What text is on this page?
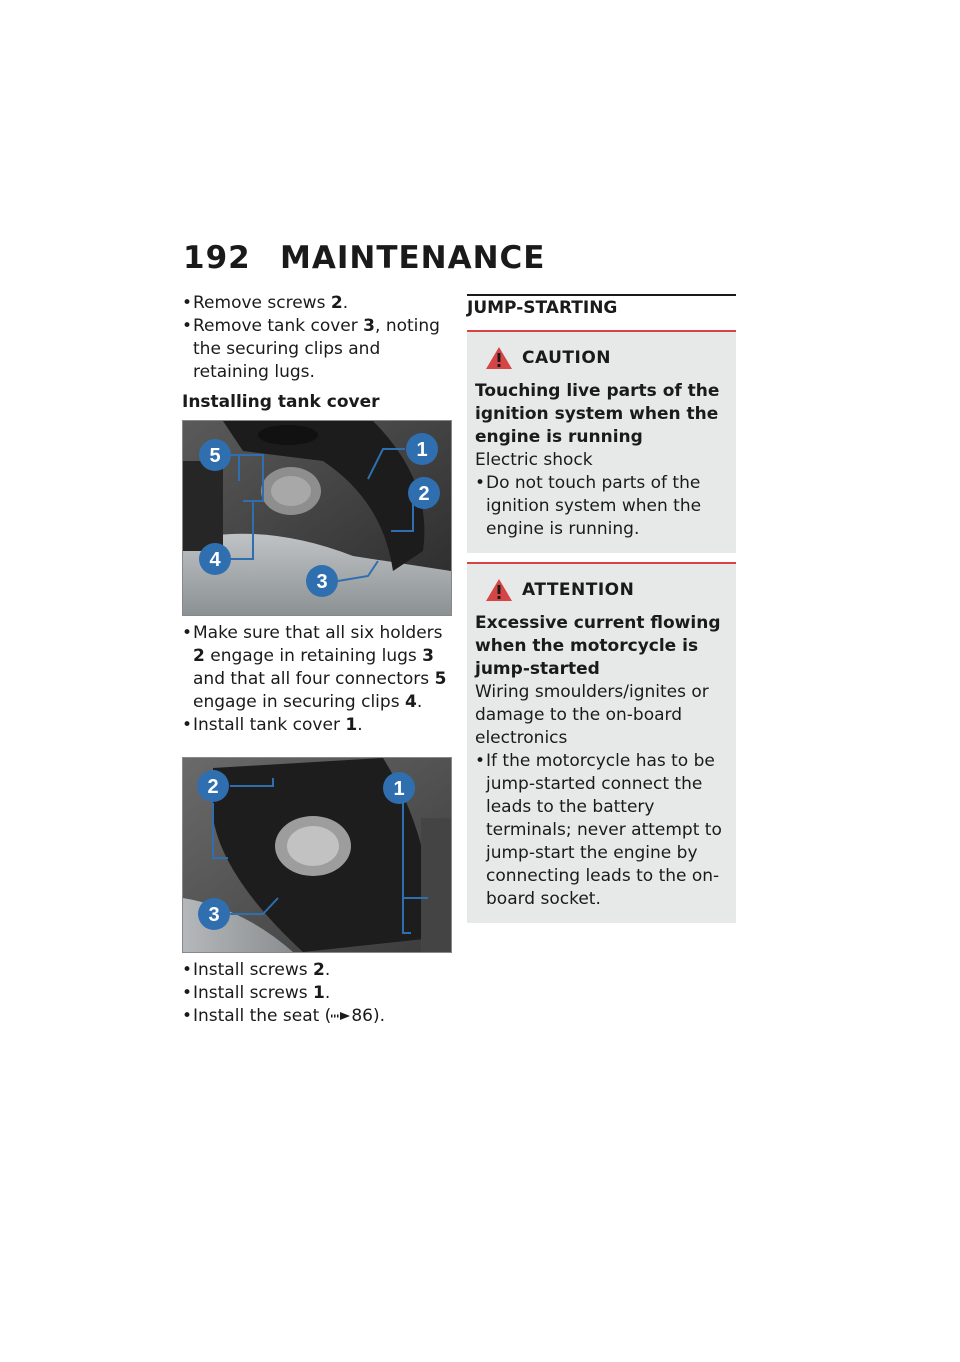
192 MAINTENANCE
• Remove screws 2.
• Remove tank cover 3, noting the securing clips and retaining lugs.
Installing tank cover
5	1
2
4
3
• Make sure that all six holders 2 engage in retaining lugs 3 and that all four connectors 5 engage in securing clips 4.
• Install tank cover 1.
2	1
3
• Install screws 2.
• Install screws 1.
• Install the seat ( 86).
JUMP-STARTING
CAUTION
Touching live parts of the ignition system when the engine is running
Electric shock
• Do not touch parts of the ignition system when the engine is running.
ATTENTION
Excessive current flowing when the motorcycle is jump-started
Wiring smoulders/ignites or damage to the on-board electronics
• If the motorcycle has to be jump-started connect the leads to the battery terminals; never attempt to jump-start the engine by connecting leads to the on-board socket.
